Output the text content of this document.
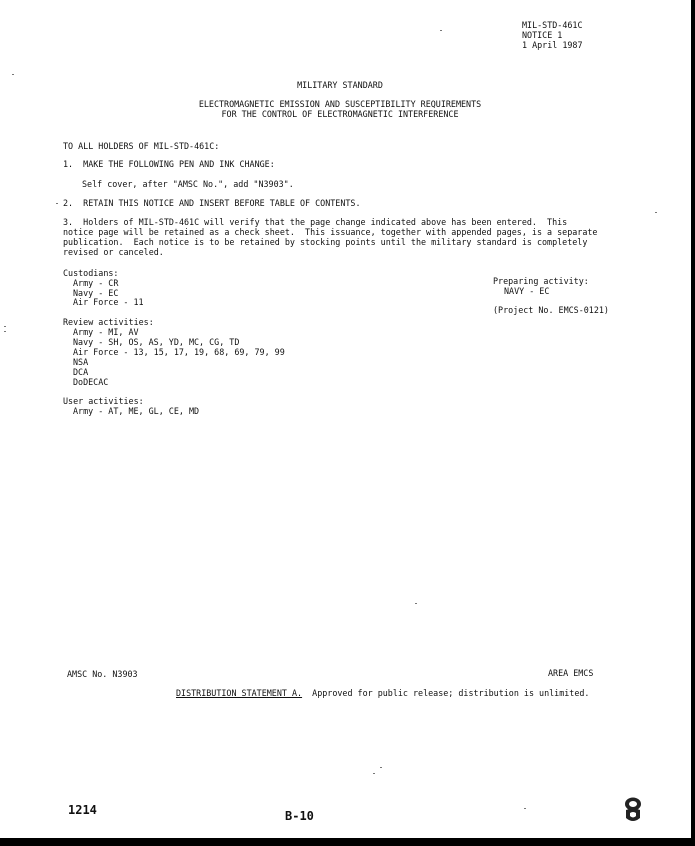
MIL-STD-461C
NOTICE 1
1 April 1987
MILITARY STANDARD
ELECTROMAGNETIC EMISSION AND SUSCEPTIBILITY REQUIREMENTS
FOR THE CONTROL OF ELECTROMAGNETIC INTERFERENCE
TO ALL HOLDERS OF MIL-STD-461C:
1.  MAKE THE FOLLOWING PEN AND INK CHANGE:
Self cover, after "AMSC No.", add "N3903".
2.  RETAIN THIS NOTICE AND INSERT BEFORE TABLE OF CONTENTS.
3.  Holders of MIL-STD-461C will verify that the page change indicated above has been entered.  This
notice page will be retained as a check sheet.  This issuance, together with appended pages, is a separate
publication.  Each notice is to be retained by stocking points until the military standard is completely
revised or canceled.
Custodians:
Army - CR
Navy - EC
Air Force - 11
Preparing activity:
NAVY - EC
(Project No. EMCS-0121)
Review activities:
Army - MI, AV
Navy - SH, OS, AS, YD, MC, CG, TD
Air Force - 13, 15, 17, 19, 68, 69, 79, 99
NSA
DCA
DoDECAC
User activities:
Army - AT, ME, GL, CE, MD
AMSC No. N3903	AREA EMCS
DISTRIBUTION STATEMENT A.  Approved for public release; distribution is unlimited.
1214	B-10
